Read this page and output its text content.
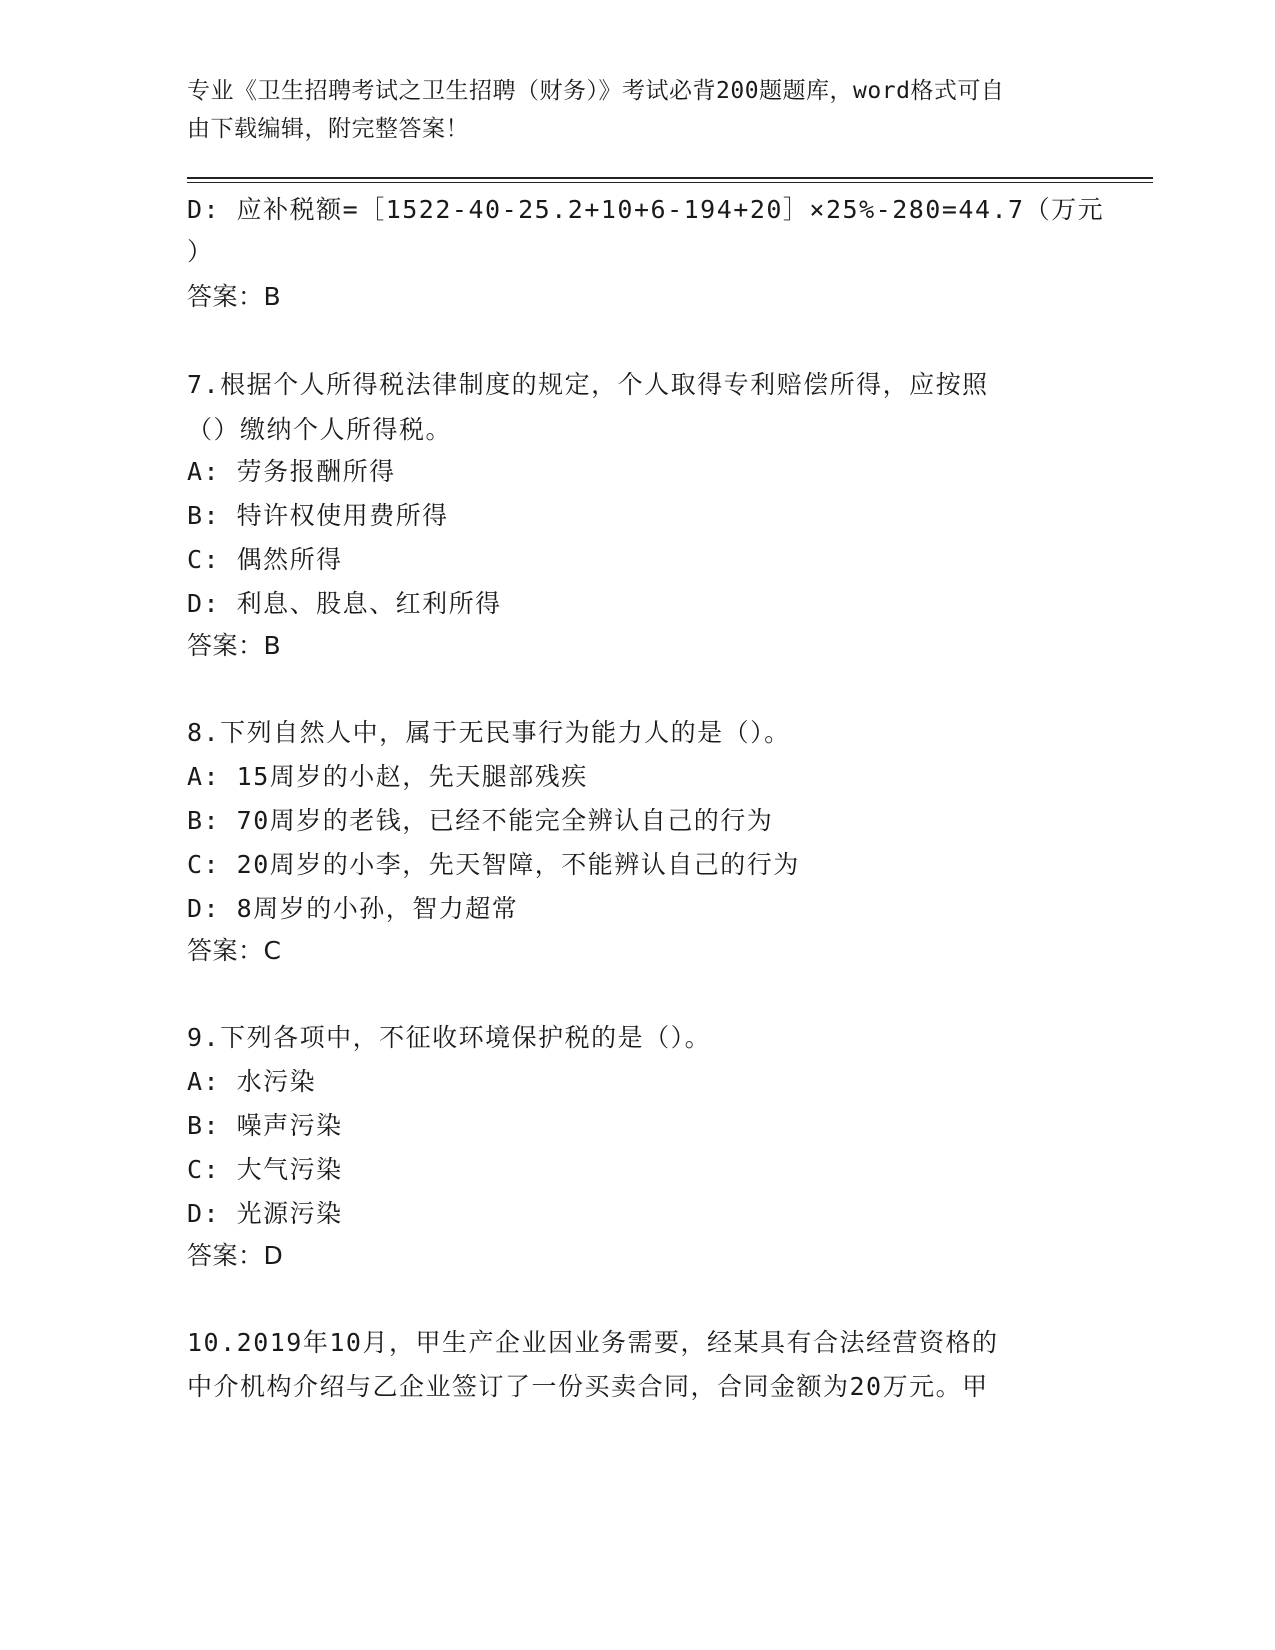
专业《卫生招聘考试之卫生招聘（财务）》考试必背200题题库，word格式可自
由下载编辑，附完整答案！
D: 应补税额=［1522-40-25.2+10+6-194+20］×25%-280=44.7（万元
）
答案：B
7.根据个人所得税法律制度的规定，个人取得专利赔偿所得，应按照
（）缴纳个人所得税。
A: 劳务报酬所得
B: 特许权使用费所得
C: 偶然所得
D: 利息、股息、红利所得
答案：B
8.下列自然人中，属于无民事行为能力人的是（）。
A: 15周岁的小赵，先天腿部残疾
B: 70周岁的老钱，已经不能完全辨认自己的行为
C: 20周岁的小李，先天智障，不能辨认自己的行为
D: 8周岁的小孙，智力超常
答案：C
9.下列各项中，不征收环境保护税的是（）。
A: 水污染
B: 噪声污染
C: 大气污染
D: 光源污染
答案：D
10.2019年10月，甲生产企业因业务需要，经某具有合法经营资格的
中介机构介绍与乙企业签订了一份买卖合同，合同金额为20万元。甲
